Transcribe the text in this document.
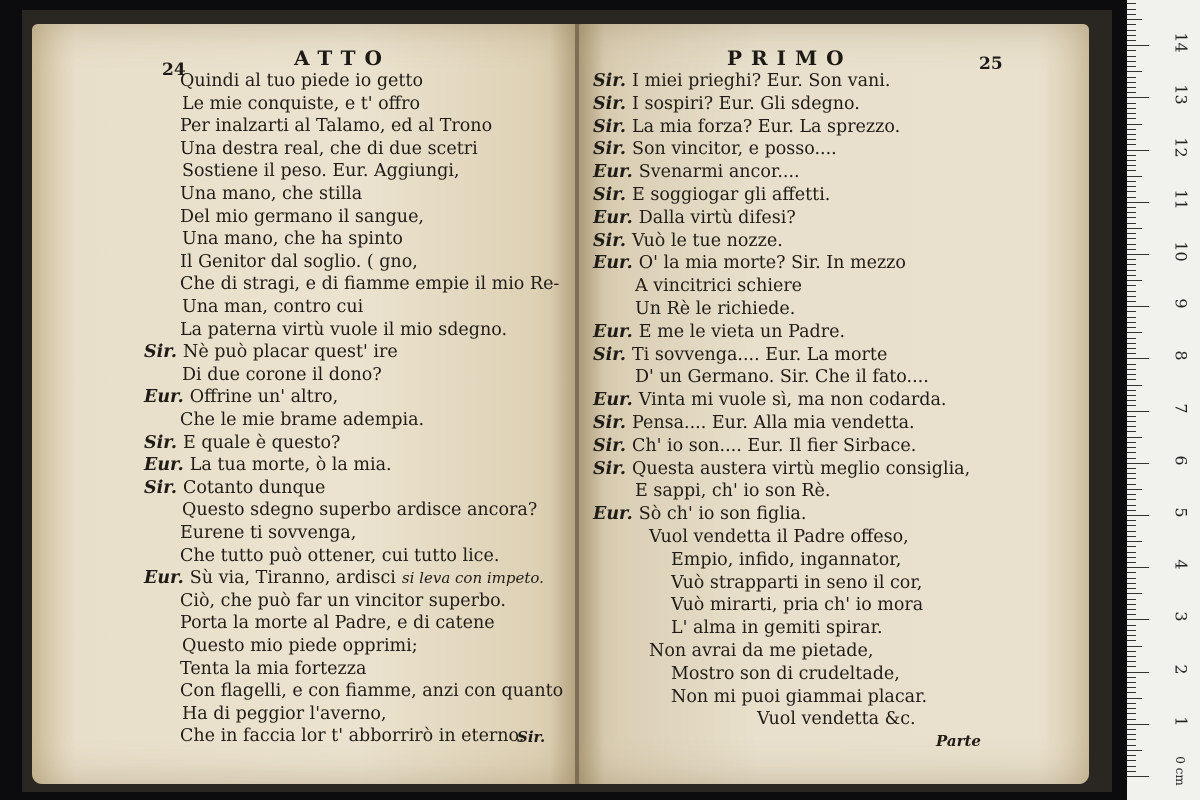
24	ATTO
Quindi al tuo piede io getto
Le mie conquiste, e t' offro
Per inalzarti al Talamo, ed al Trono
Una destra real, che di due scetri
Sostiene il peso. Eur. Aggiungi,
Una mano, che stilla
Del mio germano il sangue,
Una mano, che ha spinto
Il Genitor dal soglio. ( gno,
Che di stragi, e di fiamme empie il mio Re-
Una man, contro cui
La paterna virtù vuole il mio sdegno.
Sir. Nè può placar quest' ire
Di due corone il dono?
Eur. Offrine un' altro,
Che le mie brame adempia.
Sir. E quale è questo?
Eur. La tua morte, ò la mia.
Sir. Cotanto dunque
Questo sdegno superbo ardisce ancora?
Eurene ti sovvenga,
Che tutto può ottener, cui tutto lice.
Eur. Sù via, Tiranno, ardisci si leva con impeto.
Ciò, che può far un vincitor superbo.
Porta la morte al Padre, e di catene
Questo mio piede opprimi;
Tenta la mia fortezza
Con flagelli, e con fiamme, anzi con quanto
Ha di peggior l'averno,
Che in faccia lor t' abborrirò in eterno.
Sir.
PRIMO	25
Sir. I miei prieghi? Eur. Son vani.
Sir. I sospiri? Eur. Gli sdegno.
Sir. La mia forza? Eur. La sprezzo.
Sir. Son vincitor, e posso....
Eur. Svenarmi ancor....
Sir. E soggiogar gli affetti.
Eur. Dalla virtù difesi?
Sir. Vuò le tue nozze.
Eur. O' la mia morte? Sir. In mezzo
A vincitrici schiere
Un Rè le richiede.
Eur. E me le vieta un Padre.
Sir. Ti sovvenga.... Eur. La morte
D' un Germano. Sir. Che il fato....
Eur. Vinta mi vuole sì, ma non codarda.
Sir. Pensa.... Eur. Alla mia vendetta.
Sir. Ch' io son.... Eur. Il fier Sirbace.
Sir. Questa austera virtù meglio consiglia,
E sappi, ch' io son Rè.
Eur. Sò ch' io son figlia.
Vuol vendetta il Padre offeso,
Empio, infido, ingannator,
Vuò strapparti in seno il cor,
Vuò mirarti, pria ch' io mora
L' alma in gemiti spirar.
Non avrai da me pietade,
Mostro son di crudeltade,
Non mi puoi giammai placar.
Vuol vendetta &c.
Parte
0 cm
1
2
3
4
5
6
7
8
9
10
11
12
13
14
